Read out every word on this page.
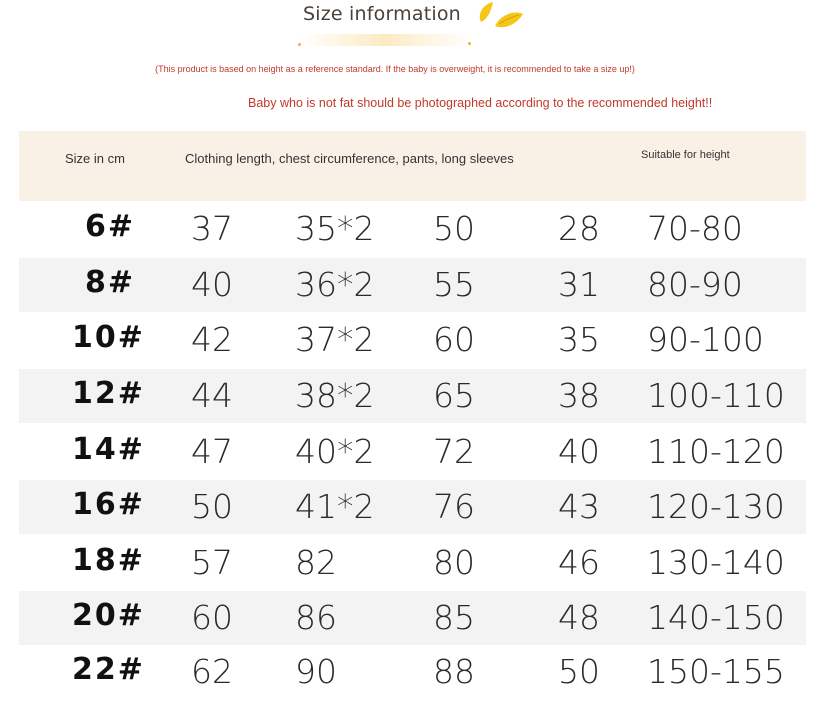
Size information
(This product is based on height as a reference standard. If the baby is overweight, it is recommended to take a size up!)
Baby who is not fat should be photographed according to the recommended height!!
Size in cm	Clothing length, chest circumference, pants, long sleeves	Suitable for height
6# 37 35*2 50	28 70-80
8# 40 36*2 55	31 80-90
10# 42 37*2 60	35 90-100
12# 44 38*2 65	38 100-110
14# 47 40*2 72	40 110-120
16# 50 41*2 76	43 120-130
18# 57 82	80	46 130-140
20# 60 86	85	48 140-150
22# 62 90	88	50 150-155
